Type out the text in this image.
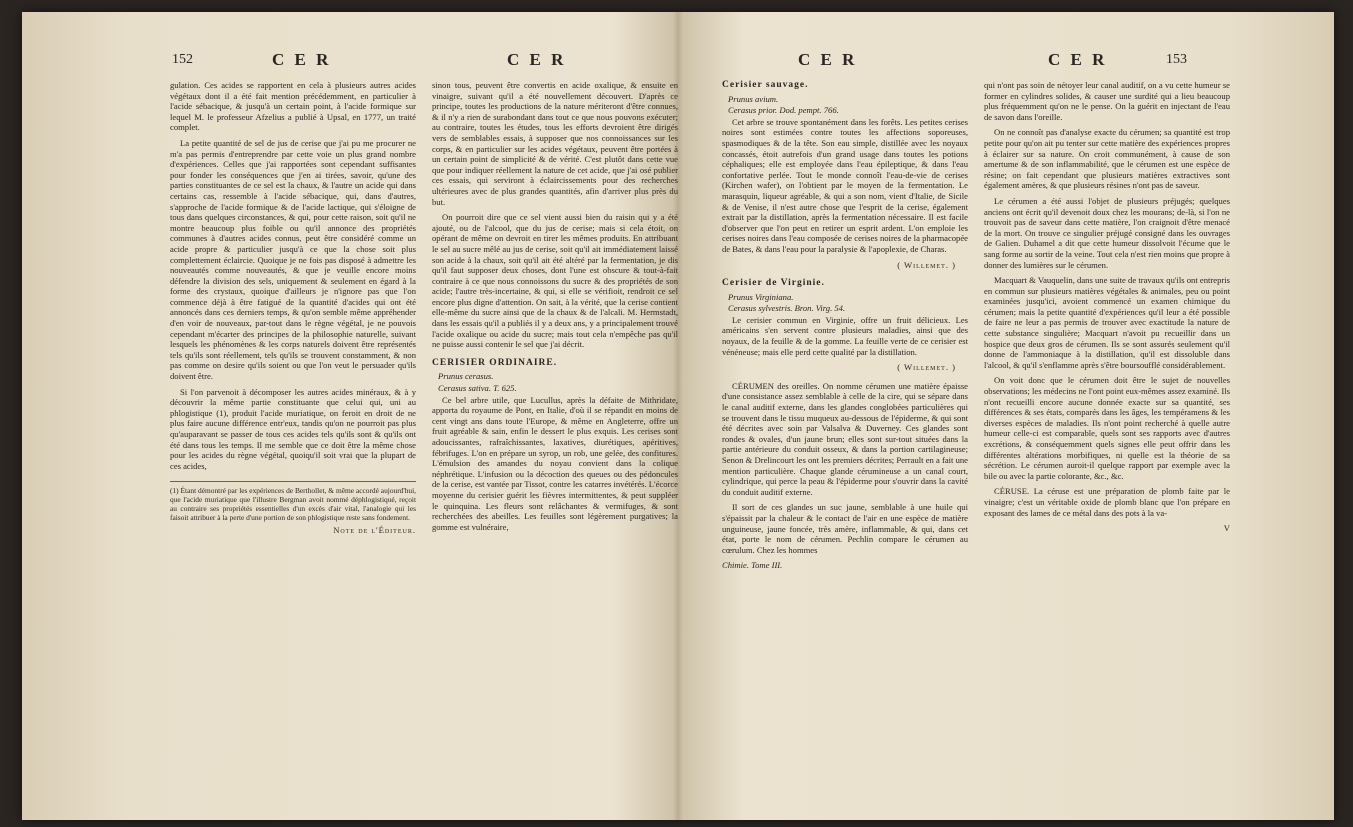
152	C E R	C E R

gulation. Ces acides se rapportent en cela à plusieurs autres acides végétaux dont il a été fait mention précédemment, en particulier à l'acide sébacique, & jusqu'à un certain point, à l'acide formique sur lequel M. le professeur Afzelius a publié à Upsal, en 1777, un traité complet.

La petite quantité de sel de jus de cerise que j'ai pu me procurer ne m'a pas permis d'entreprendre par cette voie un plus grand nombre d'expériences. Celles que j'ai rapportées sont cependant suffisantes pour fonder les conséquences que j'en ai tirées, savoir, qu'une des parties constituantes de ce sel est la chaux, & l'autre un acide qui dans certains cas, ressemble à l'acide sébacique, qui, dans d'autres, s'approche de l'acide formique & de l'acide lactique, qui s'éloigne de tous dans quelques circonstances, & qui, pour cette raison, soit qu'il ne montre beaucoup plus foible ou qu'il annonce des propriétés communes à d'autres acides connus, peut être considéré comme un acide propre & particulier jusqu'à ce que la chose soit plus complettement éclaircie. Quoique je ne fois pas disposé à admettre les nouveautés comme nouveautés, & que je veuille encore moins défendre la division des sels, uniquement & seulement en égard à la forme des crystaux, quoique d'ailleurs je n'ignore pas que l'on commence déjà à être fatigué de la quantité d'acides qui ont été annoncés dans ces derniers temps, & qu'on semble même appréhender d'en voir de nouveaux, par-tout dans le règne végétal, je ne pouvois cependant m'écarter des principes de la philosophie naturelle, suivant lesquels les phénomènes & les corps naturels doivent être représentés tels qu'ils sont réellement, tels qu'ils se trouvent constamment, & non pas comme on desire qu'ils soient ou que l'on veut le persuader qu'ils doivent être.

Si l'on parvenoit à décomposer les autres acides minéraux, & à y découvrir la même partie constituante que celui qui, uni au phlogistique (1), produit l'acide muriatique, on feroit en droit de ne plus faire aucune différence entr'eux, tandis qu'on ne pourroit pas plus qu'auparavant se passer de tous ces acides tels qu'ils sont & qu'ils ont été dans tous les temps. Il me semble que ce doit être la même chose pour les acides du règne végétal, quoiqu'il soit vrai que la plupart de ces acides,

(1) Étant démontré par les expériences de Berthollet, & même accordé aujourd'hui, que l'acide muriatique que l'illustre Bergman avoit nommé déphlogistiqué, reçoit au contraire ses propriétés essentielles d'un excès d'air vital, l'analogie qui les faisoit attribuer à la perte d'une portion de son phlogistique reste sans fondement.
Note de l'Éditeur.

sinon tous, peuvent être convertis en acide oxalique, & ensuite en vinaigre, suivant qu'il a été nouvellement découvert. D'après ce principe, toutes les productions de la nature mériteront d'être connues, & il n'y a rien de surabondant dans tout ce que nous pouvons exécuter; au contraire, toutes les études, tous les efforts devroient être dirigés vers de semblables essais, à supposer que nos connoissances sur les corps, & en particulier sur les acides végétaux, peuvent être portées à un certain point de simplicité & de vérité. C'est plutôt dans cette vue que pour indiquer réellement la nature de cet acide, que j'ai osé publier ces essais, qui serviront à éclaircissements pour des recherches ultérieures avec de plus grandes quantités, afin d'arriver plus près du but.

On pourroit dire que ce sel vient aussi bien du raisin qui y a été ajouté, ou de l'alcool, que du jus de cerise; mais si cela étoit, on opérant de même on devroit en tirer les mêmes produits. En attribuant le sel au sucre mêlé au jus de cerise, soit qu'il ait immédiatement laissé son acide à la chaux, soit qu'il ait été altéré par la fermentation, je dis qu'il faut supposer deux choses, dont l'une est obscure & tout-à-fait contraire à ce que nous connoissons du sucre & des propriétés de son acide; l'autre très-incertaine, & qui, si elle se vérifioit, rendroit ce sel encore plus digne d'attention. On sait, à la vérité, que la cerise contient elle-même du sucre ainsi que de la chaux & de l'alcali. M. Hermstadt, dans les essais qu'il a publiés il y a deux ans, y a principalement trouvé l'acide oxalique ou acide du sucre; mais tout cela n'empêche pas qu'il ne puisse aussi contenir le sel que j'ai décrit.

CERISIER ORDINAIRE.
Prunus cerasus.
Cerasus sativa. T. 625.

Ce bel arbre utile, que Lucullus, après la défaite de Mithridate, apporta du royaume de Pont, en Italie, d'où il se répandit en moins de cent vingt ans dans toute l'Europe, & même en Angleterre, offre un fruit agréable & sain, enfin le dessert le plus exquis. Les cerises sont adoucissantes, rafraîchissantes, laxatives, diurétiques, apéritives, fébrifuges. L'on en prépare un syrop, un rob, une gelée, des confitures. L'émulsion des amandes du noyau convient dans la colique néphrétique. L'infusion ou la décoction des queues ou des pédoncules de la cerise, est vantée par Tissot, contre les catarres invétérés. L'écorce moyenne du cerisier guérit les fièvres intermittentes, & peut suppléer le quinquina. Les fleurs sont relâchantes & vermifuges, & sont recherchées des abeilles. Les feuilles sont légèrement purgatives; la gomme est vulnéraire,

C E R	C E R	153
Cerisier sauvage.
Prunus avium.
Cerasus prior. Dod. pempt. 766.

Cet arbre se trouve spontanément dans les forêts. Les petites cerises noires sont estimées contre toutes les affections soporeuses, spasmodiques & de la tête. Son eau simple, distillée avec les noyaux concassés, étoit autrefois d'un grand usage dans toutes les potions céphaliques; elle est employée dans l'eau épileptique, & dans l'eau confortative perlée. Tout le monde connoît l'eau-de-vie de cerises (Kirchen wafer), on l'obtient par le moyen de la fermentation. Le marasquin, liqueur agréable, & qui a son nom, vient d'Italie, de Sicile & de Venise, il n'est autre chose que l'esprit de la cerise, également extrait par la distillation, après la fermentation nécessaire. Il est facile d'observer que l'on peut en retirer un esprit ardent. L'on emploie les cerises noires dans l'eau composée de cerises noires de la pharmacopée de Bates, & dans l'eau pour la paralysie & l'apoplexie, de Charas.

( Willemet. )
Cerisier de Virginie.
Prunus Virginiana.
Cerasus sylvestris. Bron. Virg. 54.

Le cerisier commun en Virginie, offre un fruit délicieux. Les américains s'en servent contre plusieurs maladies, ainsi que des noyaux, de la feuille & de la gomme. La feuille verte de ce cerisier est vénéneuse; mais elle perd cette qualité par la distillation.

( Willemet. )

CÉRUMEN des oreilles. On nomme cérumen une matière épaisse d'une consistance assez semblable à celle de la cire, qui se sépare dans le canal auditif externe, dans les glandes conglobées particulières qui se trouvent dans le tissu muqueux au-dessous de l'épiderme, & qui sont été décrites avec soin par Valsalva & Duverney. Ces glandes sont rondes & ovales, d'un jaune brun; elles sont sur-tout situées dans la partie antérieure du conduit osseux, & dans la portion cartilagineuse; Senon & Drelincourt les ont les premiers décrites; Perrault en a fait une mention particulière. Chaque glande cérumineuse a un canal court, cylindrique, qui perce la peau & l'épiderme pour s'ouvrir dans la cavité du conduit auditif externe.

Il sort de ces glandes un suc jaune, semblable à une huile qui s'épaissit par la chaleur & le contact de l'air en une espèce de matière unguineuse, jaune foncée, très amère, inflammable, & qui, dans cet état, porte le nom de cérumen. Pechlin compare le cérumen au cœrulum. Chez les hommes

Chimie. Tome III.

qui n'ont pas soin de nétoyer leur canal auditif, on a vu cette humeur se former en cylindres solides, & causer une surdité qui a lieu beaucoup plus fréquemment qu'on ne le pense. On la guérit en injectant de l'eau de savon dans l'oreille.

On ne connoît pas d'analyse exacte du cérumen; sa quantité est trop petite pour qu'on ait pu tenter sur cette matière des expériences propres à éclairer sur sa nature. On croit communément, à cause de son amertume & de son inflammabilité, que le cérumen est une espèce de résine; on fait cependant que plusieurs matières extractives sont également amères, & que plusieurs résines n'ont pas de saveur.

Le cérumen a été aussi l'objet de plusieurs préjugés; quelques anciens ont écrit qu'il devenoit doux chez les mourans; de-là, si l'on ne trouvoit pas de saveur dans cette matière, l'on craignoit d'être menacé de la mort. On trouve ce singulier préjugé consigné dans les ouvrages de Galien. Duhamel a dit que cette humeur dissolvoit l'écume que le sang forme au sortir de la veine. Tout cela n'est rien moins que propre à donner des lumières sur le cérumen.

Macquart & Vauquelin, dans une suite de travaux qu'ils ont entrepris en commun sur plusieurs matières végétales & animales, peu ou point examinées jusqu'ici, avoient commencé un examen chimique du cérumen; mais la petite quantité d'expériences qu'il leur a été possible de faire ne leur a pas permis de trouver avec exactitude la nature de cette substance singulière; Macquart n'avoit pu recueillir dans un hospice que deux gros de cérumen. Ils se sont assurés seulement qu'il donne de l'ammoniaque à la distillation, qu'il est dissoluble dans l'alcool, & qu'il s'enflamme après s'être boursoufflé considérablement.

On voit donc que le cérumen doit être le sujet de nouvelles observations; les médecins ne l'ont point eux-mêmes assez examiné. Ils n'ont recueilli encore aucune donnée exacte sur sa quantité, ses différences & ses états, comparés dans les âges, les tempéramens & les diverses espèces de maladies. Ils n'ont point recherché à quelle autre humeur celle-ci est comparable, quels sont ses rapports avec d'autres excrétions, & conséquemment quels signes elle peut offrir dans les différentes altérations morbifiques, ni quelle est la théorie de sa sécrétion. Le cérumen auroit-il quelque rapport par exemple avec la bile ou avec la partie colorante, &c., &c.

CÉRUSE. La céruse est une préparation de plomb faite par le vinaigre; c'est un véritable oxide de plomb blanc que l'on prépare en exposant des lames de ce métal dans des pots à la va-

V
